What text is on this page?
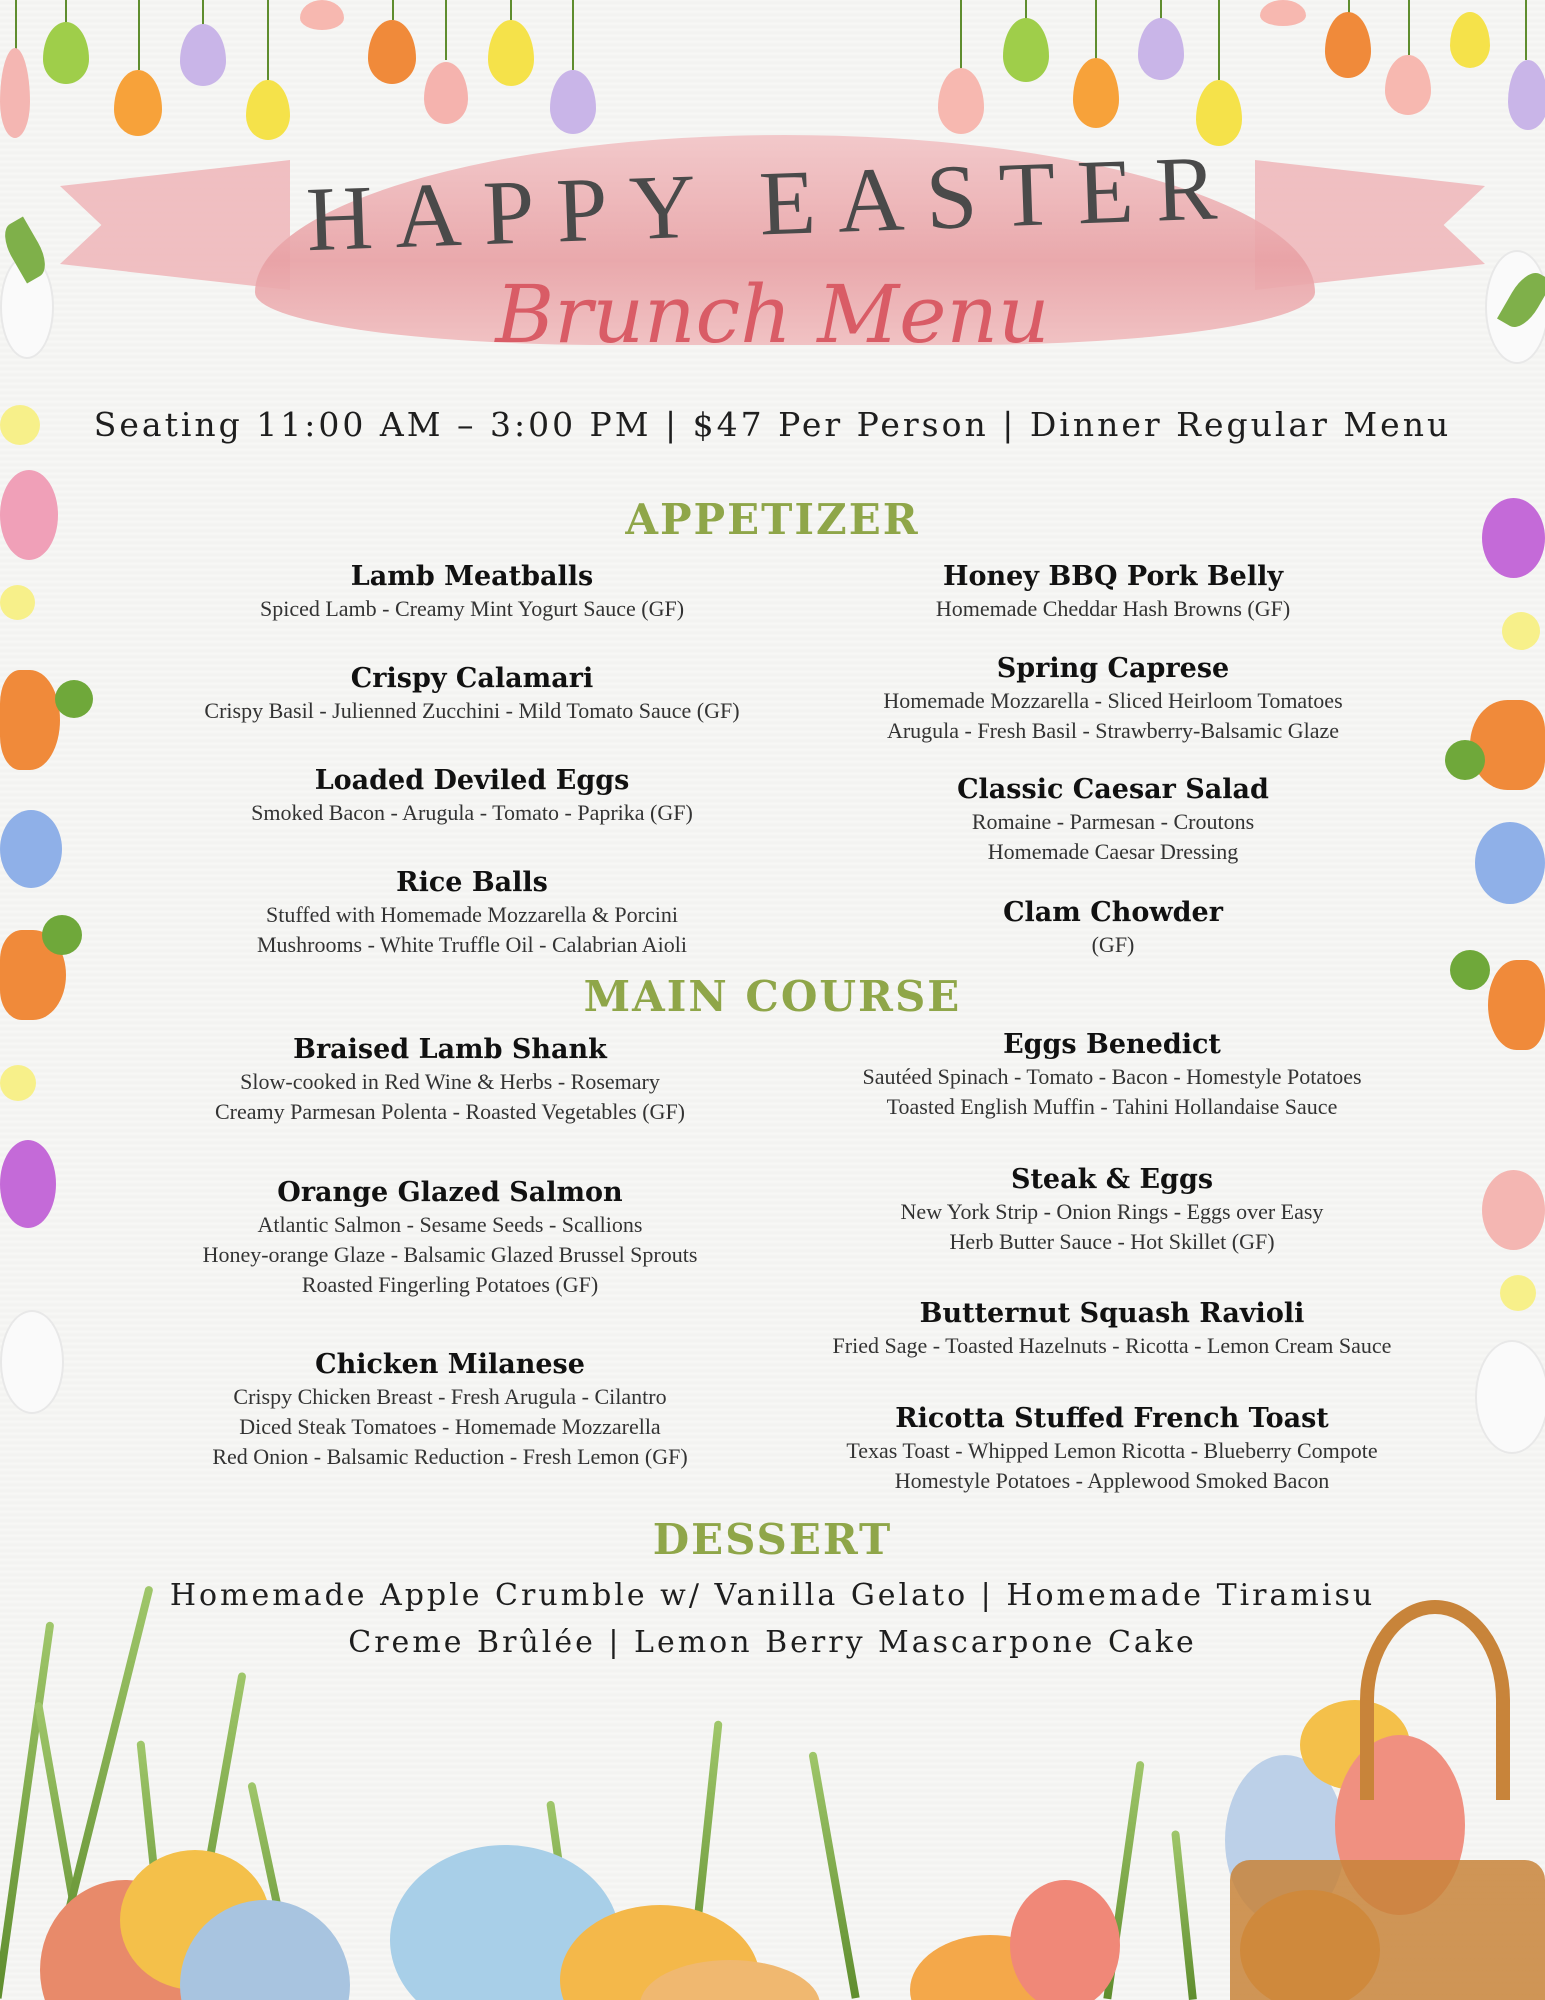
HAPPY EASTER
Brunch Menu
Seating 11:00 AM – 3:00 PM | $47 Per Person | Dinner Regular Menu
APPETIZER
Lamb Meatballs
Spiced Lamb - Creamy Mint Yogurt Sauce (GF)
Crispy Calamari
Crispy Basil - Julienned Zucchini - Mild Tomato Sauce (GF)
Loaded Deviled Eggs
Smoked Bacon - Arugula - Tomato - Paprika (GF)
Rice Balls
Stuffed with Homemade Mozzarella & Porcini
Mushrooms - White Truffle Oil - Calabrian Aioli
Honey BBQ Pork Belly
Homemade Cheddar Hash Browns (GF)
Spring Caprese
Homemade Mozzarella - Sliced Heirloom Tomatoes
Arugula - Fresh Basil - Strawberry-Balsamic Glaze
Classic Caesar Salad
Romaine - Parmesan - Croutons
Homemade Caesar Dressing
Clam Chowder
(GF)
MAIN COURSE
Braised Lamb Shank
Slow-cooked in Red Wine & Herbs - Rosemary
Creamy Parmesan Polenta - Roasted Vegetables (GF)
Orange Glazed Salmon
Atlantic Salmon - Sesame Seeds - Scallions
Honey-orange Glaze - Balsamic Glazed Brussel Sprouts
Roasted Fingerling Potatoes (GF)
Chicken Milanese
Crispy Chicken Breast - Fresh Arugula - Cilantro
Diced Steak Tomatoes - Homemade Mozzarella
Red Onion - Balsamic Reduction - Fresh Lemon (GF)
Eggs Benedict
Sautéed Spinach - Tomato - Bacon - Homestyle Potatoes
Toasted English Muffin - Tahini Hollandaise Sauce
Steak & Eggs
New York Strip - Onion Rings - Eggs over Easy
Herb Butter Sauce - Hot Skillet (GF)
Butternut Squash Ravioli
Fried Sage - Toasted Hazelnuts - Ricotta - Lemon Cream Sauce
Ricotta Stuffed French Toast
Texas Toast - Whipped Lemon Ricotta - Blueberry Compote
Homestyle Potatoes - Applewood Smoked Bacon
DESSERT
Homemade Apple Crumble w/ Vanilla Gelato | Homemade Tiramisu
Creme Brûlée | Lemon Berry Mascarpone Cake
